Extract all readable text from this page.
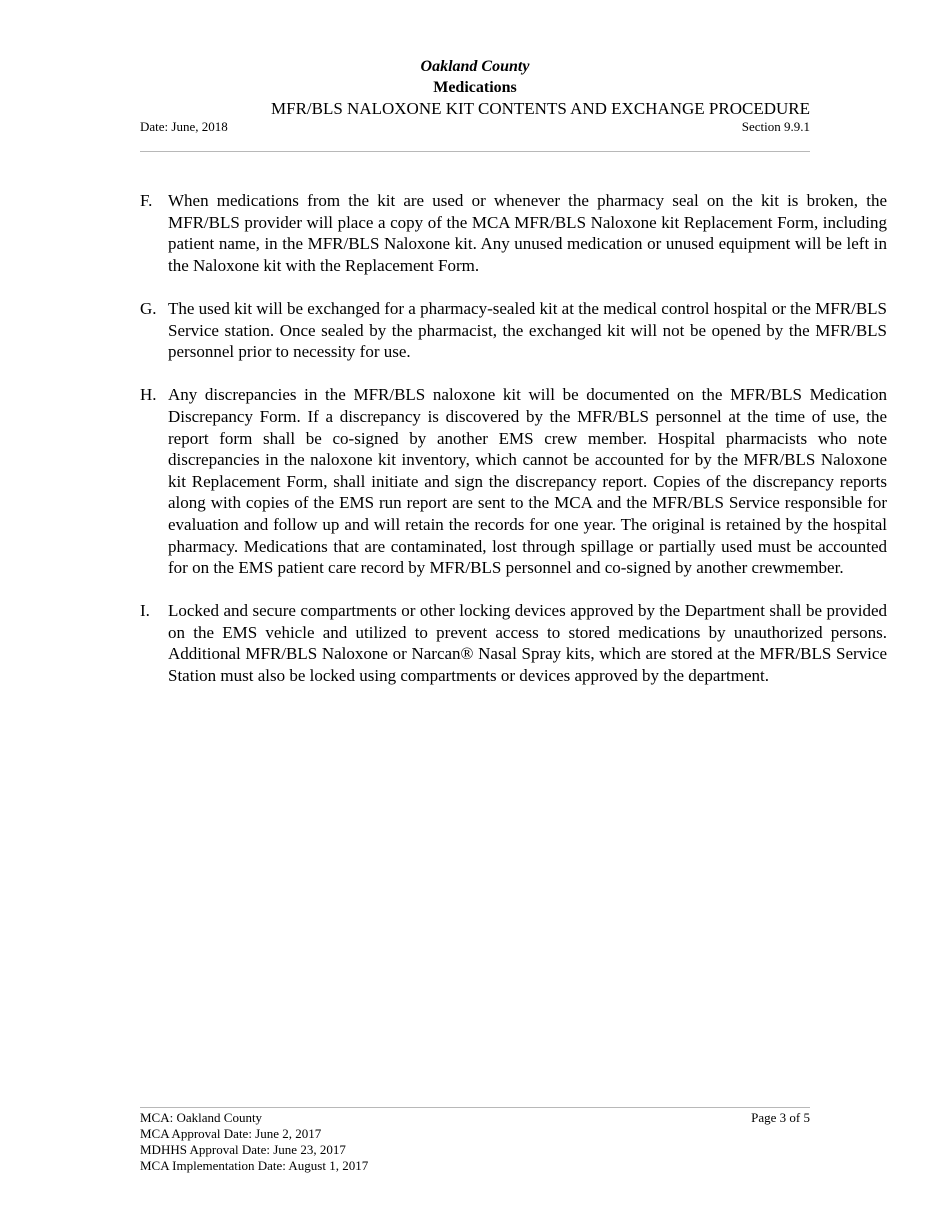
Oakland County
Medications
MFR/BLS NALOXONE KIT CONTENTS AND EXCHANGE PROCEDURE
Date: June, 2018	Section 9.9.1
F. When medications from the kit are used or whenever the pharmacy seal on the kit is broken, the MFR/BLS provider will place a copy of the MCA MFR/BLS Naloxone kit Replacement Form, including patient name, in the MFR/BLS Naloxone kit. Any unused medication or unused equipment will be left in the Naloxone kit with the Replacement Form.
G. The used kit will be exchanged for a pharmacy-sealed kit at the medical control hospital or the MFR/BLS Service station. Once sealed by the pharmacist, the exchanged kit will not be opened by the MFR/BLS personnel prior to necessity for use.
H. Any discrepancies in the MFR/BLS naloxone kit will be documented on the MFR/BLS Medication Discrepancy Form. If a discrepancy is discovered by the MFR/BLS personnel at the time of use, the report form shall be co-signed by another EMS crew member. Hospital pharmacists who note discrepancies in the naloxone kit inventory, which cannot be accounted for by the MFR/BLS Naloxone kit Replacement Form, shall initiate and sign the discrepancy report. Copies of the discrepancy reports along with copies of the EMS run report are sent to the MCA and the MFR/BLS Service responsible for evaluation and follow up and will retain the records for one year. The original is retained by the hospital pharmacy. Medications that are contaminated, lost through spillage or partially used must be accounted for on the EMS patient care record by MFR/BLS personnel and co-signed by another crewmember.
I. Locked and secure compartments or other locking devices approved by the Department shall be provided on the EMS vehicle and utilized to prevent access to stored medications by unauthorized persons. Additional MFR/BLS Naloxone or Narcan® Nasal Spray kits, which are stored at the MFR/BLS Service Station must also be locked using compartments or devices approved by the department.
MCA: Oakland County	Page 3 of 5
MCA Approval Date: June 2, 2017
MDHHS Approval Date: June 23, 2017
MCA Implementation Date: August 1, 2017
